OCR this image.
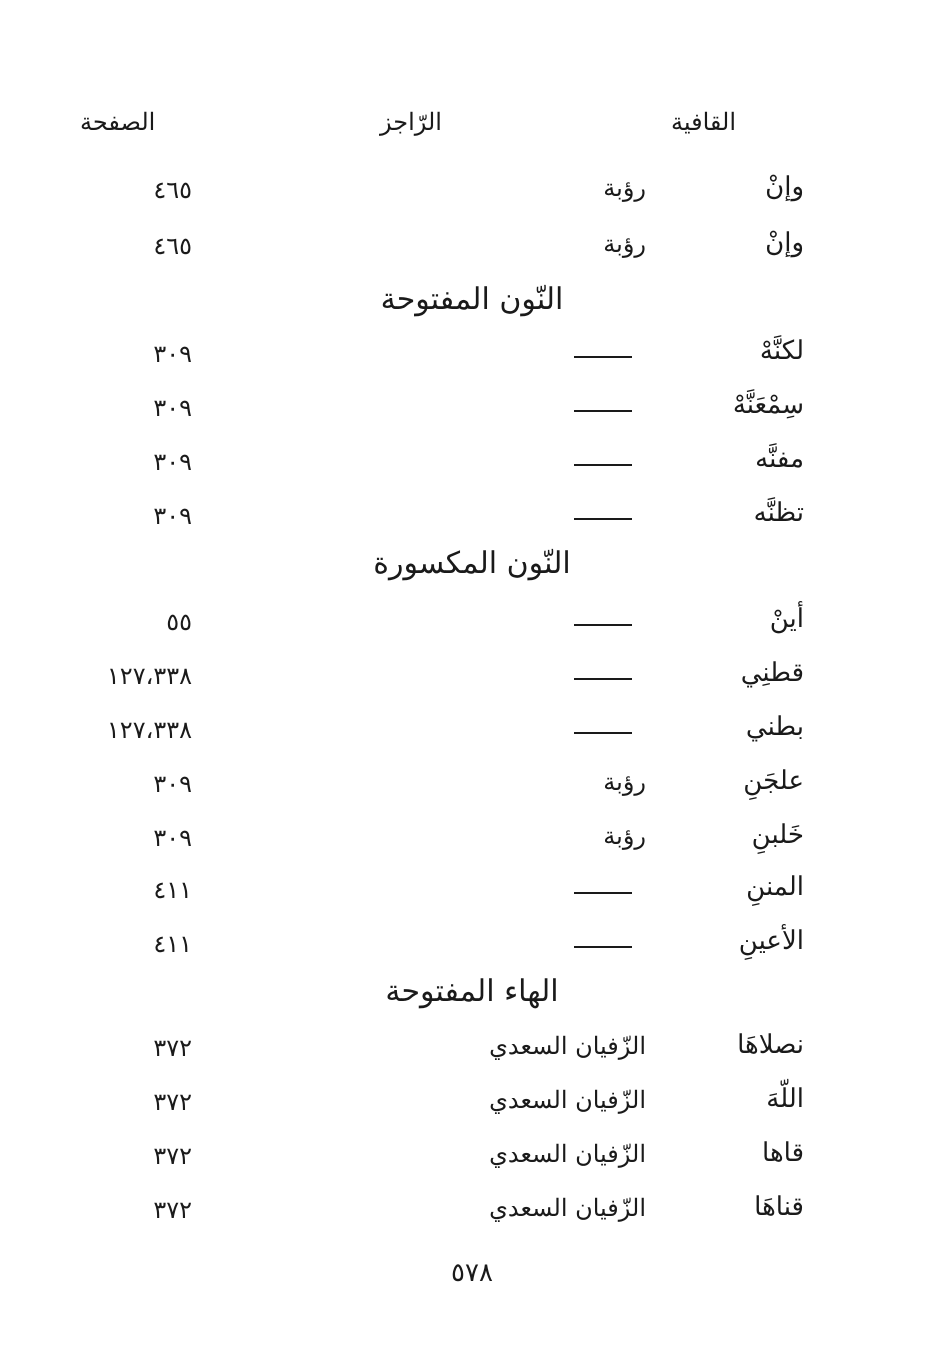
القافية
الرّاجز
الصفحة
وإنْ
رؤبة
٤٦٥
وإنْ
رؤبة
٤٦٥
النّون المفتوحة
لكنَّهْ
٣٠٩
سِمْعَنَّهْ
٣٠٩
مفنَّه
٣٠٩
تظنَّه
٣٠٩
النّون المكسورة
أينْ
٥٥
قطنِي
١٢٧،٣٣٨
بطني
١٢٧،٣٣٨
علجَنِ
رؤبة
٣٠٩
خَلبنِ
رؤبة
٣٠٩
المننِ
٤١١
الأعينِ
٤١١
الهاء المفتوحة
نصلاهَا
الزّفيان السعدي
٣٧٢
اللّهَ
الزّفيان السعدي
٣٧٢
قاها
الزّفيان السعدي
٣٧٢
قناهَا
الزّفيان السعدي
٣٧٢
٥٧٨
